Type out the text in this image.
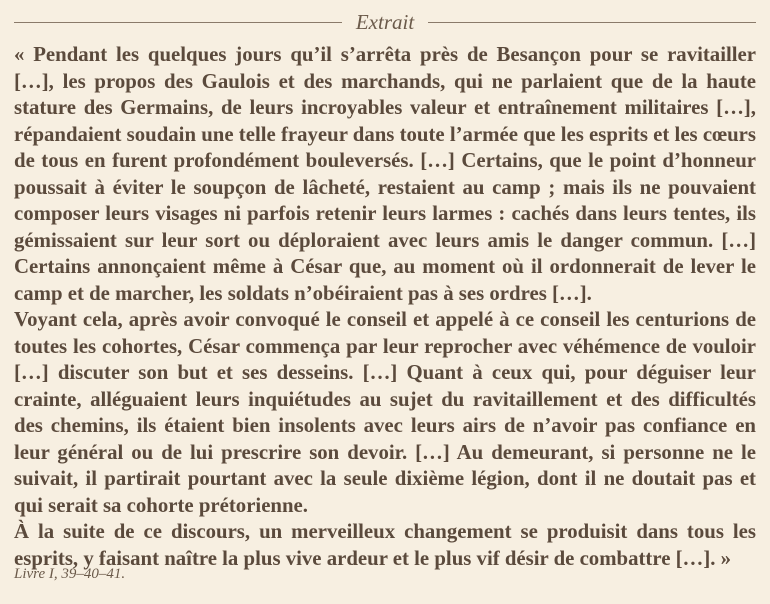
Extrait

« Pendant les quelques jours qu’il s’arrêta près de Besançon pour se ravitailler […], les propos des Gaulois et des marchands, qui ne parlaient que de la haute stature des Germains, de leurs incroyables valeur et entraînement militaires […], répandaient soudain une telle frayeur dans toute l’armée que les esprits et les cœurs de tous en furent profondément bouleversés. […] Certains, que le point d’honneur poussait à éviter le soupçon de lâcheté, restaient au camp ; mais ils ne pouvaient composer leurs visages ni parfois retenir leurs larmes : cachés dans leurs tentes, ils gémissaient sur leur sort ou déploraient avec leurs amis le danger commun. […] Certains annonçaient même à César que, au moment où il ordonnerait de lever le camp et de marcher, les soldats n’obéiraient pas à ses ordres […].

Voyant cela, après avoir convoqué le conseil et appelé à ce conseil les centurions de toutes les cohortes, César commença par leur reprocher avec véhémence de vouloir […] discuter son but et ses desseins. […] Quant à ceux qui, pour déguiser leur crainte, alléguaient leurs inquiétudes au sujet du ravitaillement et des difficultés des chemins, ils étaient bien insolents avec leurs airs de n’avoir pas confiance en leur général ou de lui prescrire son devoir. […] Au demeurant, si personne ne le suivait, il partirait pourtant avec la seule dixième légion, dont il ne doutait pas et qui serait sa cohorte prétorienne.

À la suite de ce discours, un merveilleux changement se produisit dans tous les esprits, y faisant naître la plus vive ardeur et le plus vif désir de combattre […]. »

Livre I, 39–40–41.
